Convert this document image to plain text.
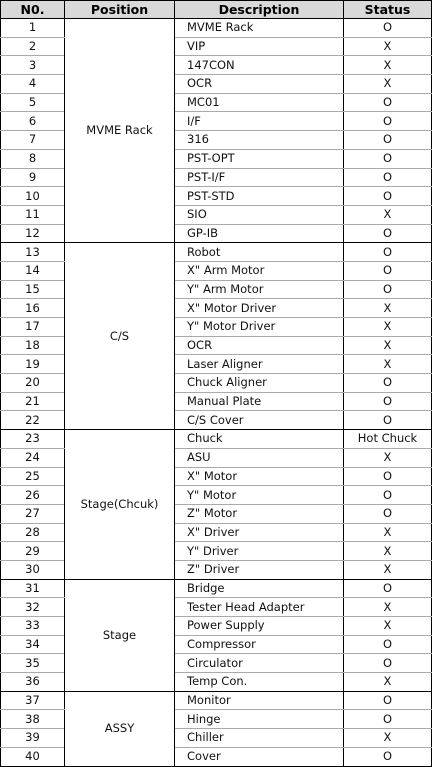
N0.	Position	Description	Status
1	MVME Rack	MVME Rack	O
2		VIP	X
3		147CON	X
4		OCR	X
5		MC01	O
6		I/F	O
7		316	O
8		PST-OPT	O
9		PST-I/F	O
10		PST-STD	O
11		SIO	X
12		GP-IB	O
13	C/S	Robot	O
14		X" Arm Motor	O
15		Y" Arm Motor	O
16		X" Motor Driver	X
17		Y" Motor Driver	X
18		OCR	X
19		Laser Aligner	X
20		Chuck Aligner	O
21		Manual Plate	O
22		C/S Cover	O
23	Stage(Chcuk)	Chuck	Hot Chuck
24		ASU	X
25		X" Motor	O
26		Y" Motor	O
27		Z" Motor	O
28		X" Driver	X
29		Y" Driver	X
30		Z" Driver	X
31	Stage	Bridge	O
32		Tester Head Adapter	X
33		Power Supply	X
34		Compressor	O
35		Circulator	O
36		Temp Con.	X
37	ASSY	Monitor	O
38		Hinge	O
39		Chiller	X
40		Cover	O
